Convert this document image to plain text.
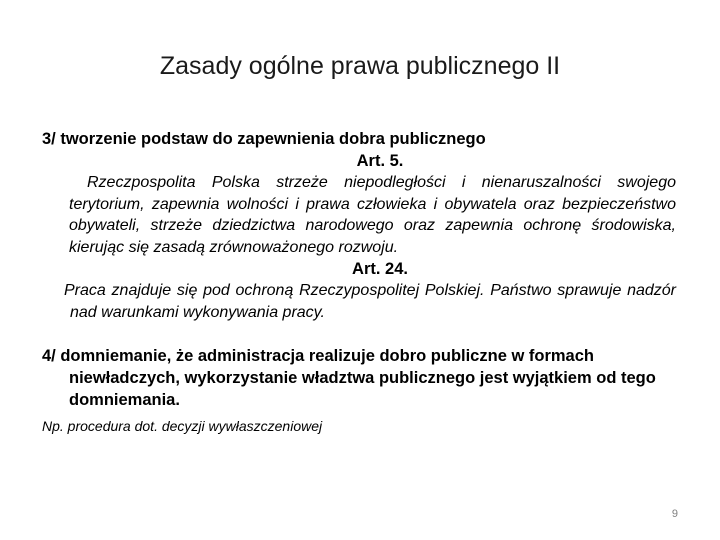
Zasady ogólne prawa publicznego II

3/ tworzenie podstaw do zapewnienia dobra publicznego

Art. 5.

Rzeczpospolita Polska strzeże niepodległości i nienaruszalności swojego terytorium, zapewnia wolności i prawa człowieka i obywatela oraz bezpieczeństwo obywateli, strzeże dziedzictwa narodowego oraz zapewnia ochronę środowiska, kierując się zasadą zrównoważonego rozwoju.

Art. 24.

Praca znajduje się pod ochroną Rzeczypospolitej Polskiej. Państwo sprawuje nadzór nad warunkami wykonywania pracy.

4/ domniemanie, że administracja realizuje dobro publiczne w formach niewładczych, wykorzystanie władztwa publicznego jest wyjątkiem od tego domniemania.

Np. procedura dot. decyzji wywłaszczeniowej

9
